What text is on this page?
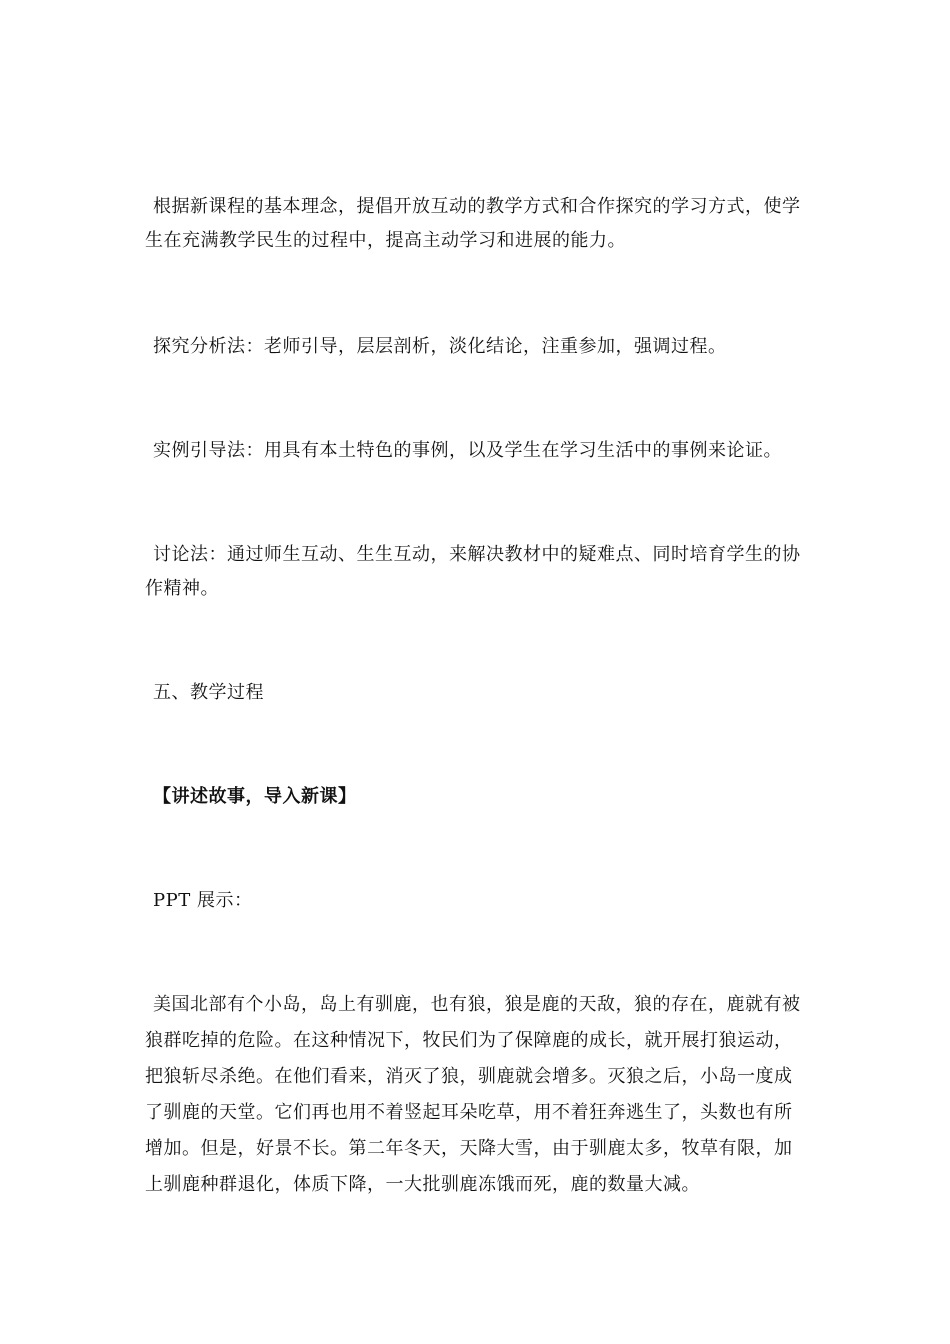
根据新课程的基本理念，提倡开放互动的教学方式和合作探究的学习方式，使学生在充满教学民生的过程中，提高主动学习和进展的能力。

探究分析法：老师引导，层层剖析，淡化结论，注重参加，强调过程。

实例引导法：用具有本土特色的事例，以及学生在学习生活中的事例来论证。

讨论法：通过师生互动、生生互动，来解决教材中的疑难点、同时培育学生的协作精神。

五、教学过程

【讲述故事，导入新课】

PPT 展示：

美国北部有个小岛，岛上有驯鹿，也有狼，狼是鹿的天敌，狼的存在，鹿就有被狼群吃掉的危险。在这种情况下，牧民们为了保障鹿的成长，就开展打狼运动，把狼斩尽杀绝。在他们看来，消灭了狼，驯鹿就会增多。灭狼之后，小岛一度成了驯鹿的天堂。它们再也用不着竖起耳朵吃草，用不着狂奔逃生了，头数也有所增加。但是，好景不长。第二年冬天，天降大雪，由于驯鹿太多，牧草有限，加上驯鹿种群退化，体质下降，一大批驯鹿冻饿而死，鹿的数量大减。
